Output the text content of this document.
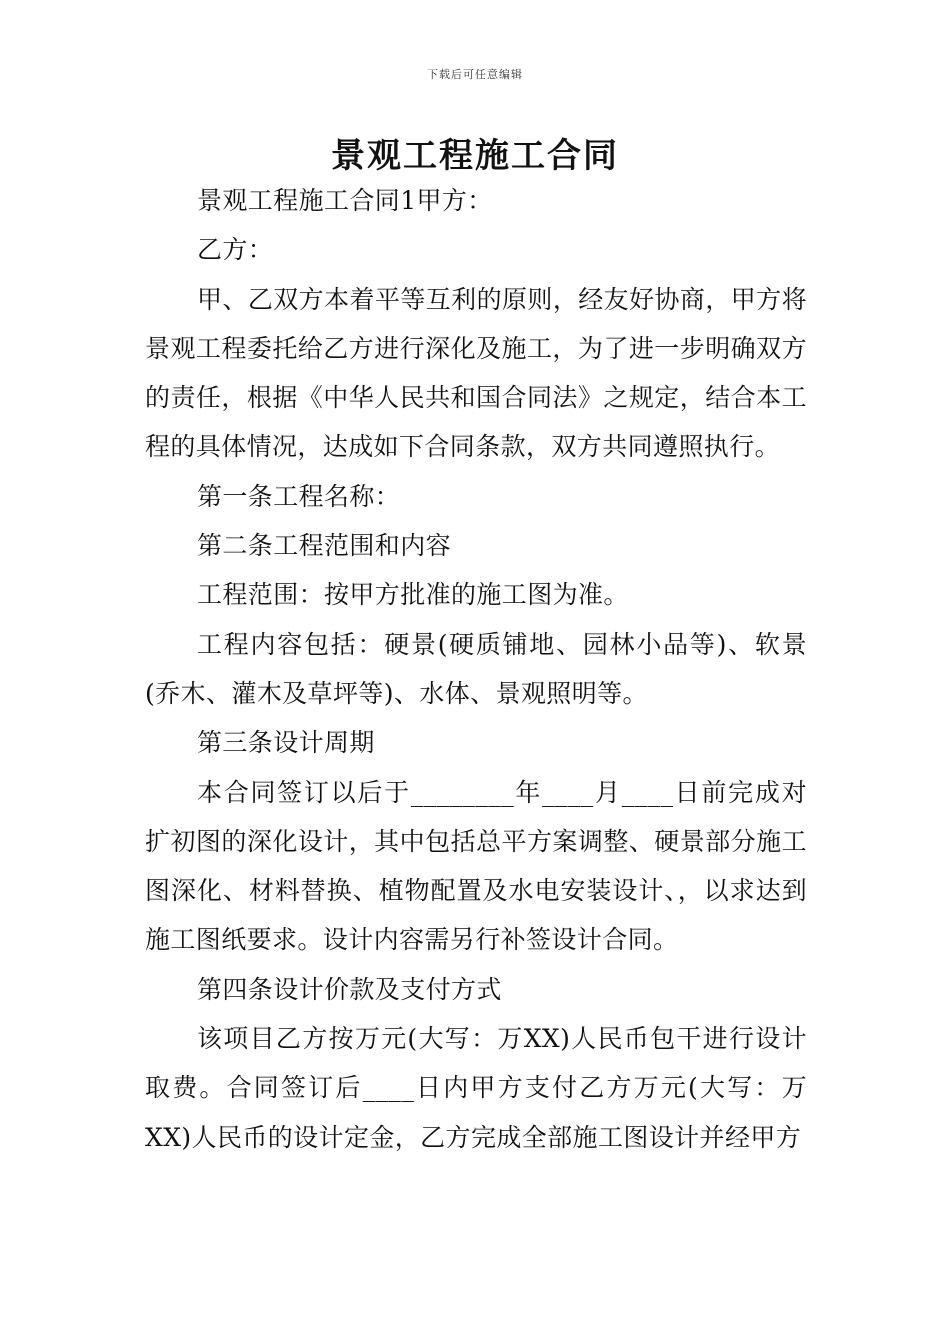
下载后可任意编辑
景观工程施工合同

景观工程施工合同1甲方：

乙方：

甲、乙双方本着平等互利的原则，经友好协商，甲方将景观工程委托给乙方进行深化及施工，为了进一步明确双方的责任，根据《中华人民共和国合同法》之规定，结合本工程的具体情况，达成如下合同条款，双方共同遵照执行。

第一条工程名称：

第二条工程范围和内容

工程范围：按甲方批准的施工图为准。

工程内容包括：硬景(硬质铺地、园林小品等)、软景(乔木、灌木及草坪等)、水体、景观照明等。

第三条设计周期

本合同签订以后于________年____月____日前完成对扩初图的深化设计，其中包括总平方案调整、硬景部分施工图深化、材料替换、植物配置及水电安装设计、，以求达到施工图纸要求。设计内容需另行补签设计合同。

第四条设计价款及支付方式

该项目乙方按万元(大写：万XX)人民币包干进行设计取费。合同签订后____日内甲方支付乙方万元(大写：万XX)人民币的设计定金，乙方完成全部施工图设计并经甲方
